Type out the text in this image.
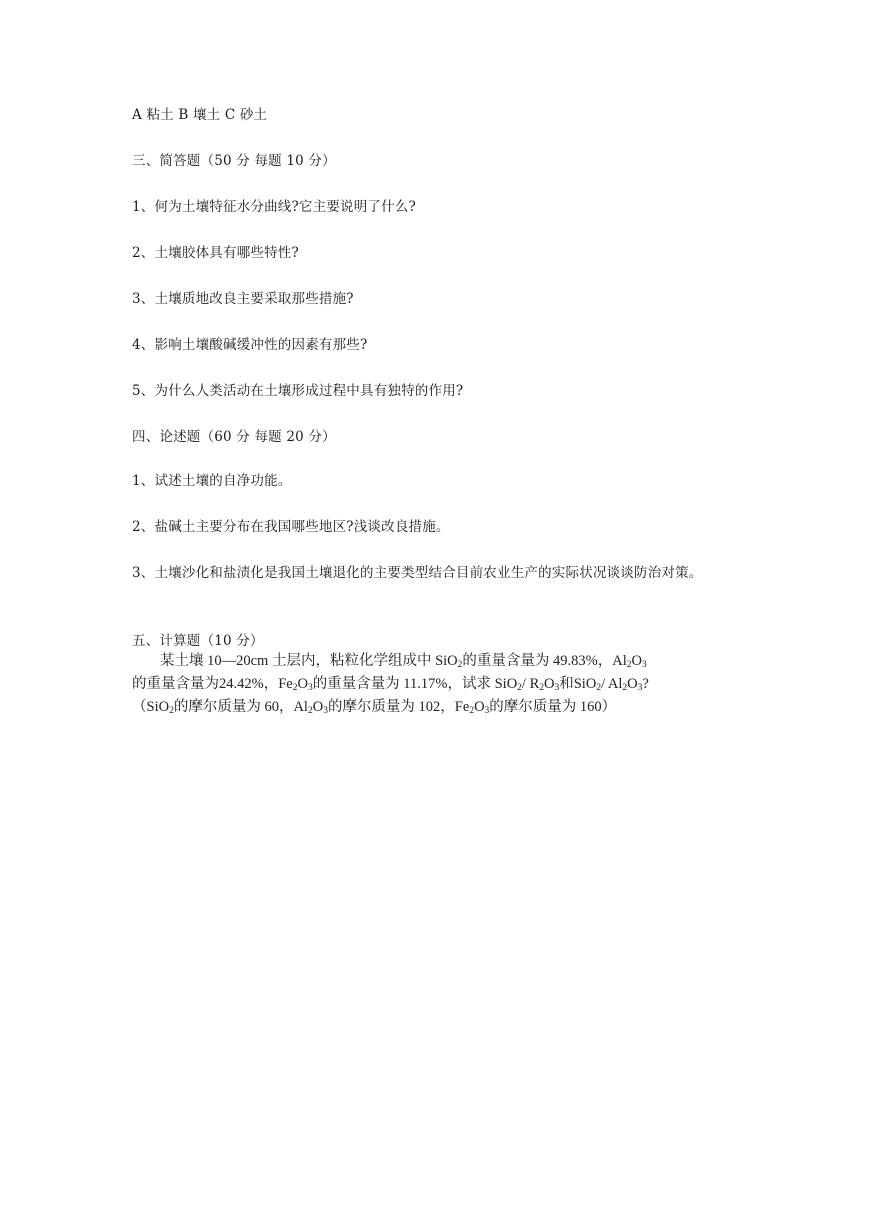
A 粘土 B 壤土 C 砂土
三、简答题（50 分 每题 10 分）
1、何为土壤特征水分曲线?它主要说明了什么?
2、土壤胶体具有哪些特性?
3、土壤质地改良主要采取那些措施?
4、影响土壤酸碱缓冲性的因素有那些?
5、为什么人类活动在土壤形成过程中具有独特的作用?
四、论述题（60 分 每题 20 分）
1、试述土壤的自净功能。
2、盐碱土主要分布在我国哪些地区?浅谈改良措施。
3、土壤沙化和盐渍化是我国土壤退化的主要类型结合目前农业生产的实际状况谈谈防治对策。
五、计算题（10 分）
某土壤 10—20cm 土层内，粘粒化学组成中 SiO$_2$的重量含量为 49.83%，$Al_2O_3$
的重量含量为24.42%，$Fe_2O_3$的重量含量为 11.17%，试求 SiO$_2$/ $R_2O_3$和SiO$_2$/ $Al_2O_3$?
（SiO$_2$的摩尔质量为 60，$Al_2O_3$的摩尔质量为 102，$Fe_2O_3$的摩尔质量为 160）
